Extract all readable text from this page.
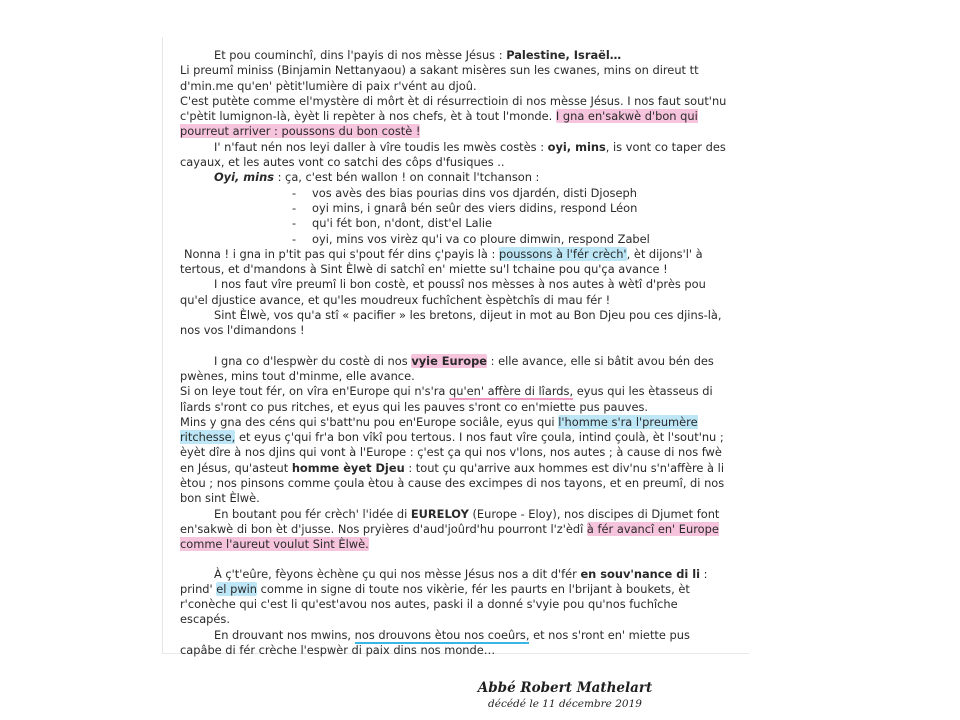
Et pou couminchî, dins l'payis di nos mèsse Jésus : Palestine, Israël…

Li preumî miniss (Binjamin Nettanyaou) a sakant misères sun les cwanes, mins on direut tt d'min.me qu'en' pètit'lumière di paix r'vént au djoû.

C'est putète comme el'mystère di môrt èt di résurrectioin di nos mèsse Jésus. I nos faut sout'nu c'pètit lumignon-là, èyèt li repèter à nos chefs, èt à tout l'monde. I gna en'sakwè d'bon qui pourreut arriver : poussons du bon costè !

I' n'faut nén nos leyi daller à vîre toudis les mwès costès : oyi, mins, is vont co taper des cayaux, et les autes vont co satchi des côps d'fusiques ..

Oyi, mins : ça, c'est bén wallon ! on connait l'tchanson :

- vos avès des bias pourias dins vos djardén, disti Djoseph
- oyi mins, i gnarâ bén seûr des viers didins, respond Léon
- qu'i fét bon, n'dont, dist'el Lalie
- oyi, mins vos virèz qu'i va co ploure dimwin, respond Zabel

Nonna ! i gna in p'tit pas qui s'pout fér dins ç'payis là : poussons à l'fér crèch', èt dijons'l' à tertous, et d'mandons à Sint Èlwè di satchî en' miette su'l tchaine pou qu'ça avance !

I nos faut vîre preumî li bon costè, et poussî nos mèsses à nos autes à wètî d'près pou qu'el djustice avance, et qu'les moudreux fuchîchent èspètchîs di mau fér !

Sint Èlwè, vos qu'a stî « pacifier » les bretons, dijeut in mot au Bon Djeu pou ces djins-là, nos vos l'dimandons !

I gna co d'lespwèr du costè di nos vyie Europe : elle avance, elle si bâtit avou bén des pwènes, mins tout d'minme, elle avance.

Si on leye tout fér, on vîra en'Europe qui n's'ra qu'en' affère di lîards, eyus qui les ètasseus di lîards s'ront co pus ritches, et eyus qui les pauves s'ront co en'miette pus pauves.

Mins y gna des céns qui s'batt'nu pou en'Europe sociâle, eyus qui l'homme s'ra l'preumère ritchesse, et eyus ç'qui fr'a bon vîkî pou tertous. I nos faut vîre çoula, intind çoulà, èt l'sout'nu ; èyèt dîre à nos djins qui vont à l'Europe : ç'est ça qui nos v'lons, nos autes ; à cause di nos fwè en Jésus, qu'asteut homme èyet Djeu : tout çu qu'arrive aux hommes est div'nu s'n'affère à li ètou ; nos pinsons comme çoula ètou à cause des excimpes di nos tayons, et en preumî, di nos bon sint Èlwè.

En boutant pou fér crèch' l'idée di EURELOY (Europe - Eloy), nos discipes di Djumet font en'sakwè di bon èt d'jusse. Nos pryières d'aud'joûrd'hu pourront l'z'èdî à fér avancî en' Europe comme l'aureut voulut Sint Èlwè.

À ç't'eûre, fèyons èchène çu qui nos mèsse Jésus nos a dit d'fér en souv'nance di li : prind' el pwin comme in signe di toute nos vikèrie, fér les paurts en l'brijant à boukets, èt r'conèche qui c'est li qu'est'avou nos autes, paski il a donné s'vyie pou qu'nos fuchîche escapés.

En drouvant nos mwins, nos drouvons ètou nos coeûrs, et nos s'ront en' miette pus capâbe di fér crèche l'espwèr di paix dins nos monde…

Abbé Robert Mathelart
décédé le 11 décembre 2019
